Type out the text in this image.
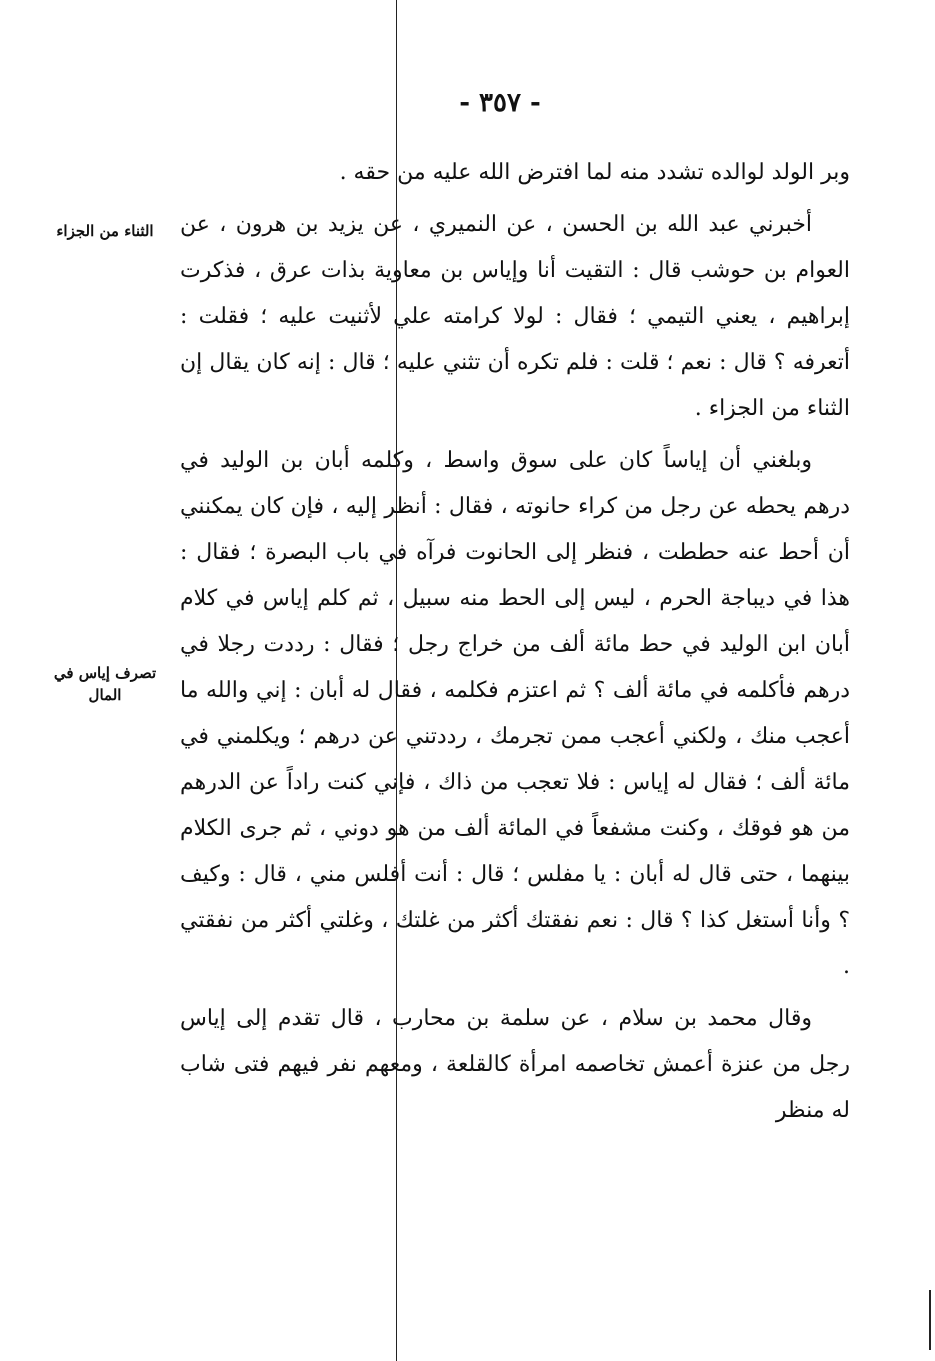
- ٣٥٧ -
الثناء من الجزاء
تصرف إياس في المال

وبر الولد لوالده تشدد منه لما افترض الله عليه من حقه .

أخبرني عبد الله بن الحسن ، عن النميري ، عن يزيد بن هرون ، عن العوام بن حوشب قال : التقيت أنا وإياس بن معاوية بذات عرق ، فذكرت إبراهيم ، يعني التيمي ؛ فقال : لولا كرامته علي لأثنيت عليه ؛ فقلت : أتعرفه ؟ قال : نعم ؛ قلت : فلم تكره أن تثني عليه ؛ قال : إنه كان يقال إن الثناء من الجزاء .

وبلغني أن إياساً كان على سوق واسط ، وكلمه أبان بن الوليد في درهم يحطه عن رجل من كراء حانوته ، فقال : أنظر إليه ، فإن كان يمكنني أن أحط عنه حططت ، فنظر إلى الحانوت فرآه في باب البصرة ؛ فقال : هذا في ديباجة الحرم ، ليس إلى الحط منه سبيل ، ثم كلم إياس في كلام أبان ابن الوليد في حط مائة ألف من خراج رجل ؛ فقال : رددت رجلا في درهم فأكلمه في مائة ألف ؟ ثم اعتزم فكلمه ، فقال له أبان : إني والله ما أعجب منك ، ولكني أعجب ممن تجرمك ، رددتني عن درهم ؛ ويكلمني في مائة ألف ؛ فقال له إياس : فلا تعجب من ذاك ، فإني كنت راداً عن الدرهم من هو فوقك ، وكنت مشفعاً في المائة ألف من هو دوني ، ثم جرى الكلام بينهما ، حتى قال له أبان : يا مفلس ؛ قال : أنت أفلس مني ، قال : وكيف ؟ وأنا أستغل كذا ؟ قال : نعم نفقتك أكثر من غلتك ، وغلتي أكثر من نفقتي .

وقال محمد بن سلام ، عن سلمة بن محارب ، قال تقدم إلى إياس رجل من عنزة أعمش تخاصمه امرأة كالقلعة ، ومعهم نفر فيهم فتى شاب له منظر
